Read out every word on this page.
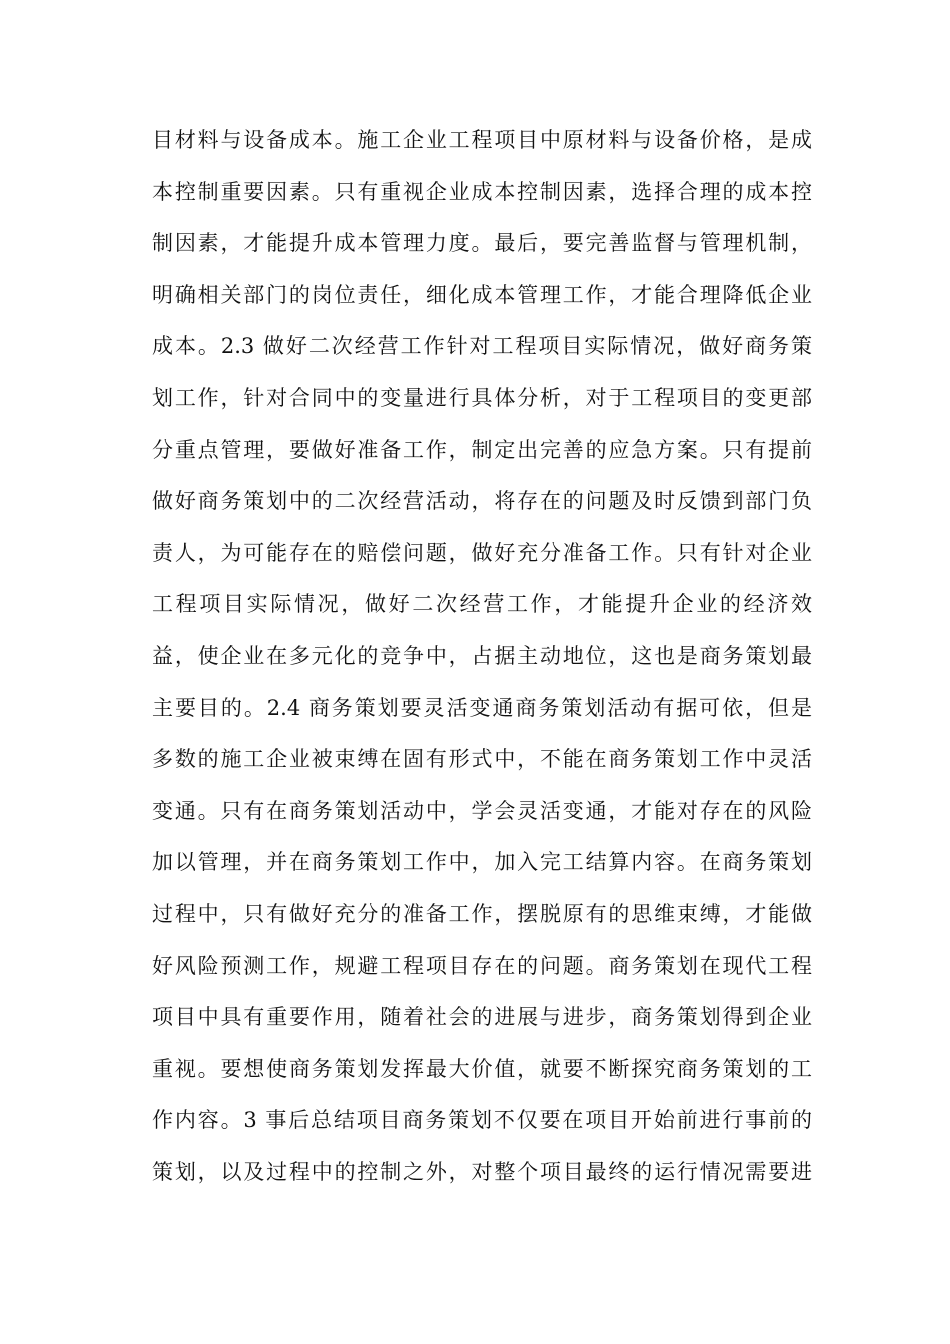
目材料与设备成本。施工企业工程项目中原材料与设备价格，是成
本控制重要因素。只有重视企业成本控制因素，选择合理的成本控
制因素，才能提升成本管理力度。最后，要完善监督与管理机制，
明确相关部门的岗位责任，细化成本管理工作，才能合理降低企业
成本。2.3 做好二次经营工作针对工程项目实际情况，做好商务策
划工作，针对合同中的变量进行具体分析，对于工程项目的变更部
分重点管理，要做好准备工作，制定出完善的应急方案。只有提前
做好商务策划中的二次经营活动，将存在的问题及时反馈到部门负
责人，为可能存在的赔偿问题，做好充分准备工作。只有针对企业
工程项目实际情况，做好二次经营工作，才能提升企业的经济效
益，使企业在多元化的竞争中，占据主动地位，这也是商务策划最
主要目的。2.4 商务策划要灵活变通商务策划活动有据可依，但是
多数的施工企业被束缚在固有形式中，不能在商务策划工作中灵活
变通。只有在商务策划活动中，学会灵活变通，才能对存在的风险
加以管理，并在商务策划工作中，加入完工结算内容。在商务策划
过程中，只有做好充分的准备工作，摆脱原有的思维束缚，才能做
好风险预测工作，规避工程项目存在的问题。商务策划在现代工程
项目中具有重要作用，随着社会的进展与进步，商务策划得到企业
重视。要想使商务策划发挥最大价值，就要不断探究商务策划的工
作内容。3 事后总结项目商务策划不仅要在项目开始前进行事前的
策划，以及过程中的控制之外，对整个项目最终的运行情况需要进
